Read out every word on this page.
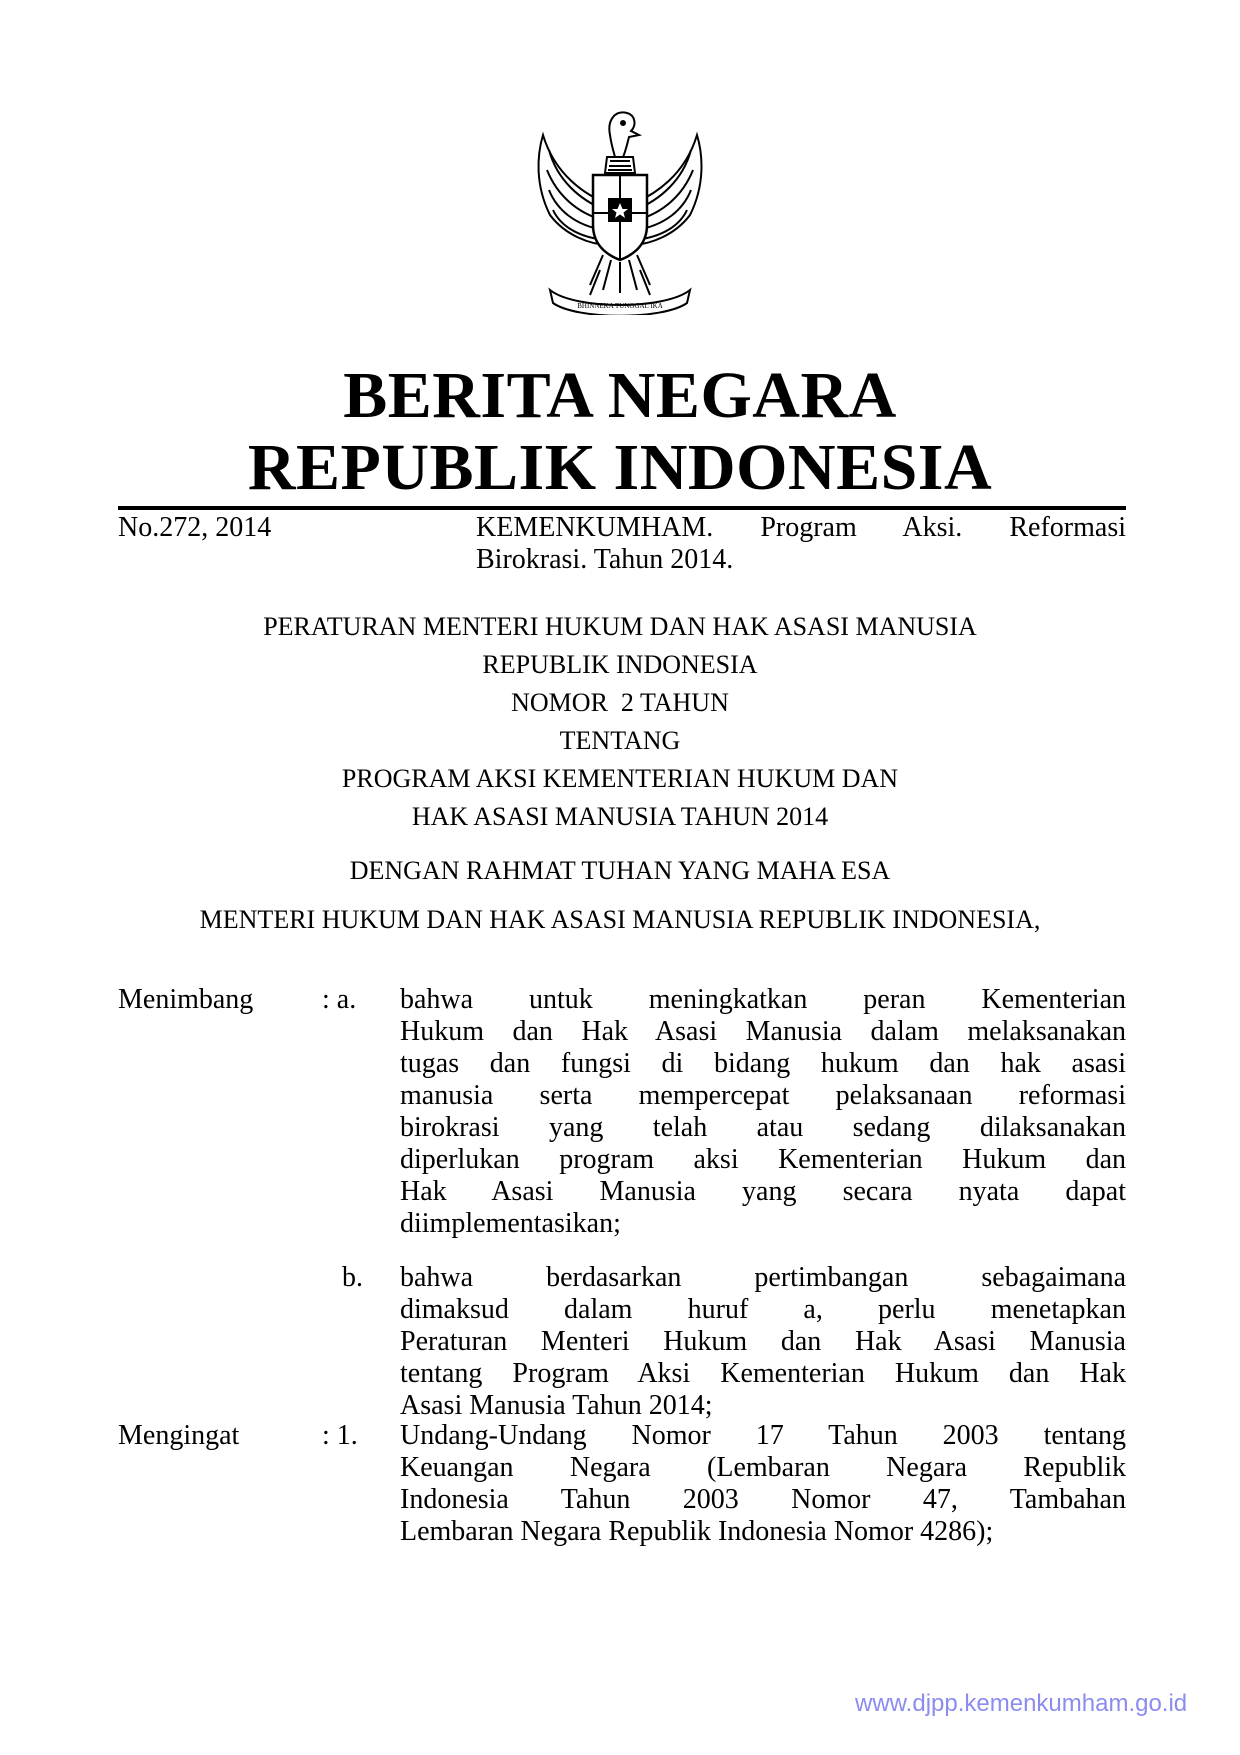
BHINNEKA TUNGGAL IKA
BERITA NEGARA
REPUBLIK INDONESIA
No.272, 2014	KEMENKUMHAM. Program Aksi. Reformasi
Birokrasi. Tahun 2014.
PERATURAN MENTERI HUKUM DAN HAK ASASI MANUSIA
REPUBLIK INDONESIA
NOMOR  2 TAHUN
TENTANG
PROGRAM AKSI KEMENTERIAN HUKUM DAN
HAK ASASI MANUSIA TAHUN 2014
DENGAN RAHMAT TUHAN YANG MAHA ESA
MENTERI HUKUM DAN HAK ASASI MANUSIA REPUBLIK INDONESIA,
Menimbang : a. bahwa untuk meningkatkan peran Kementerian
Hukum dan Hak Asasi Manusia dalam melaksanakan
tugas dan fungsi di bidang hukum dan hak asasi
manusia serta mempercepat pelaksanaan reformasi
birokrasi yang telah atau sedang dilaksanakan
diperlukan program aksi Kementerian Hukum dan
Hak Asasi Manusia yang secara nyata dapat
diimplementasikan;
b. bahwa berdasarkan pertimbangan sebagaimana
dimaksud dalam huruf a, perlu menetapkan
Peraturan Menteri Hukum dan Hak Asasi Manusia
tentang Program Aksi Kementerian Hukum dan Hak
Asasi Manusia Tahun 2014;
Mengingat	: 1. Undang-Undang Nomor 17 Tahun 2003 tentang
Keuangan Negara (Lembaran Negara Republik
Indonesia Tahun 2003 Nomor 47, Tambahan
Lembaran Negara Republik Indonesia Nomor 4286);
www.djpp.kemenkumham.go.id
